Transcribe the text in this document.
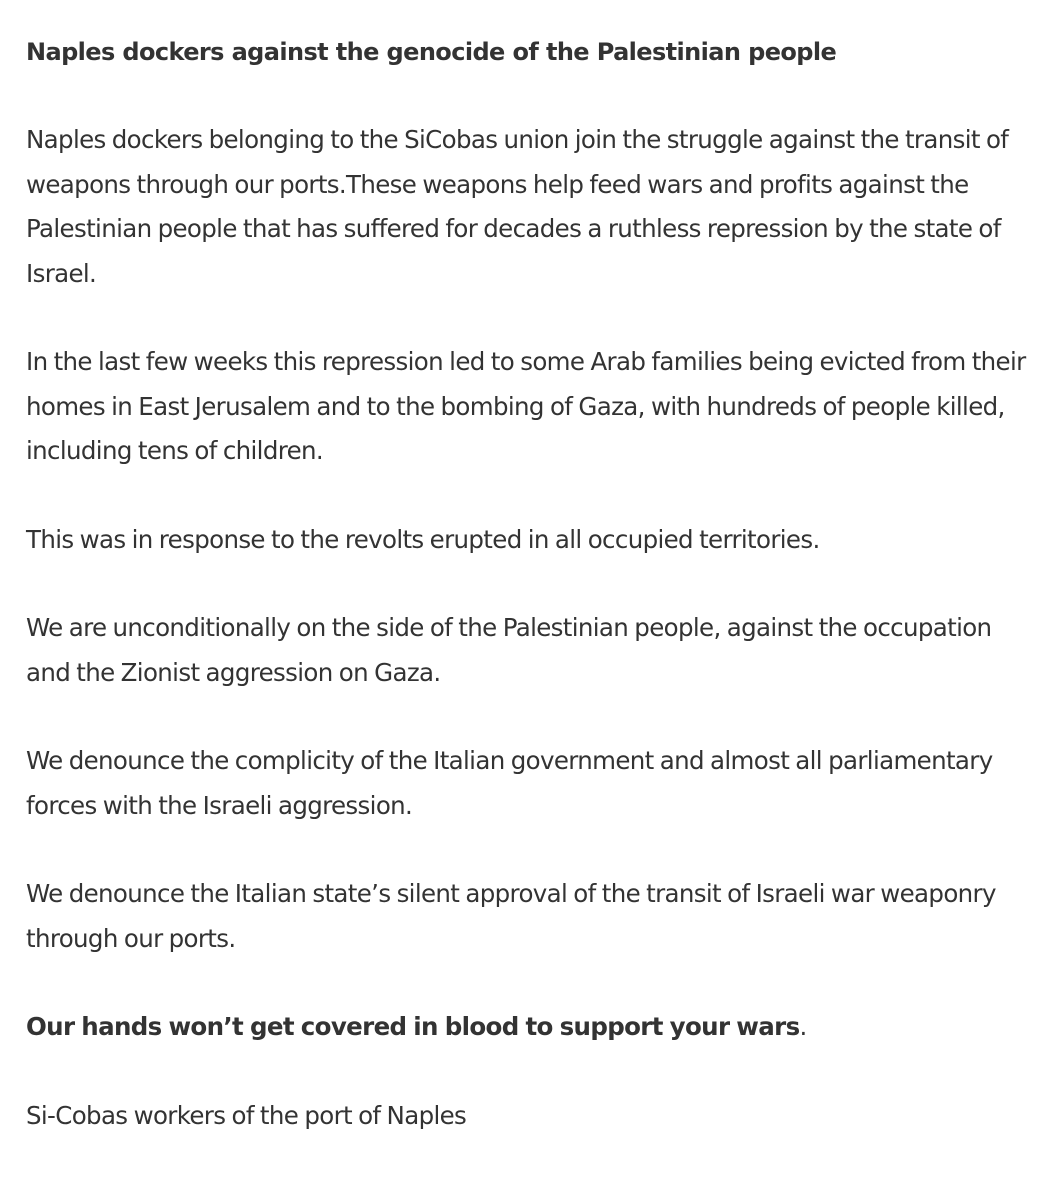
Naples dockers against the genocide of the Palestinian people

Naples dockers belonging to the SiCobas union join the struggle against the transit of weapons through our ports.These weapons help feed wars and profits against the Palestinian people that has suffered for decades a ruthless repression by the state of Israel.

In the last few weeks this repression led to some Arab families being evicted from their homes in East Jerusalem and to the bombing of Gaza, with hundreds of people killed, including tens of children.

This was in response to the revolts erupted in all occupied territories.

We are unconditionally on the side of the Palestinian people, against the occupation and the Zionist aggression on Gaza.

We denounce the complicity of the Italian government and almost all parliamentary forces with the Israeli aggression.

We denounce the Italian state’s silent approval of the transit of Israeli war weaponry through our ports.

Our hands won’t get covered in blood to support your wars.

Si-Cobas workers of the port of Naples
